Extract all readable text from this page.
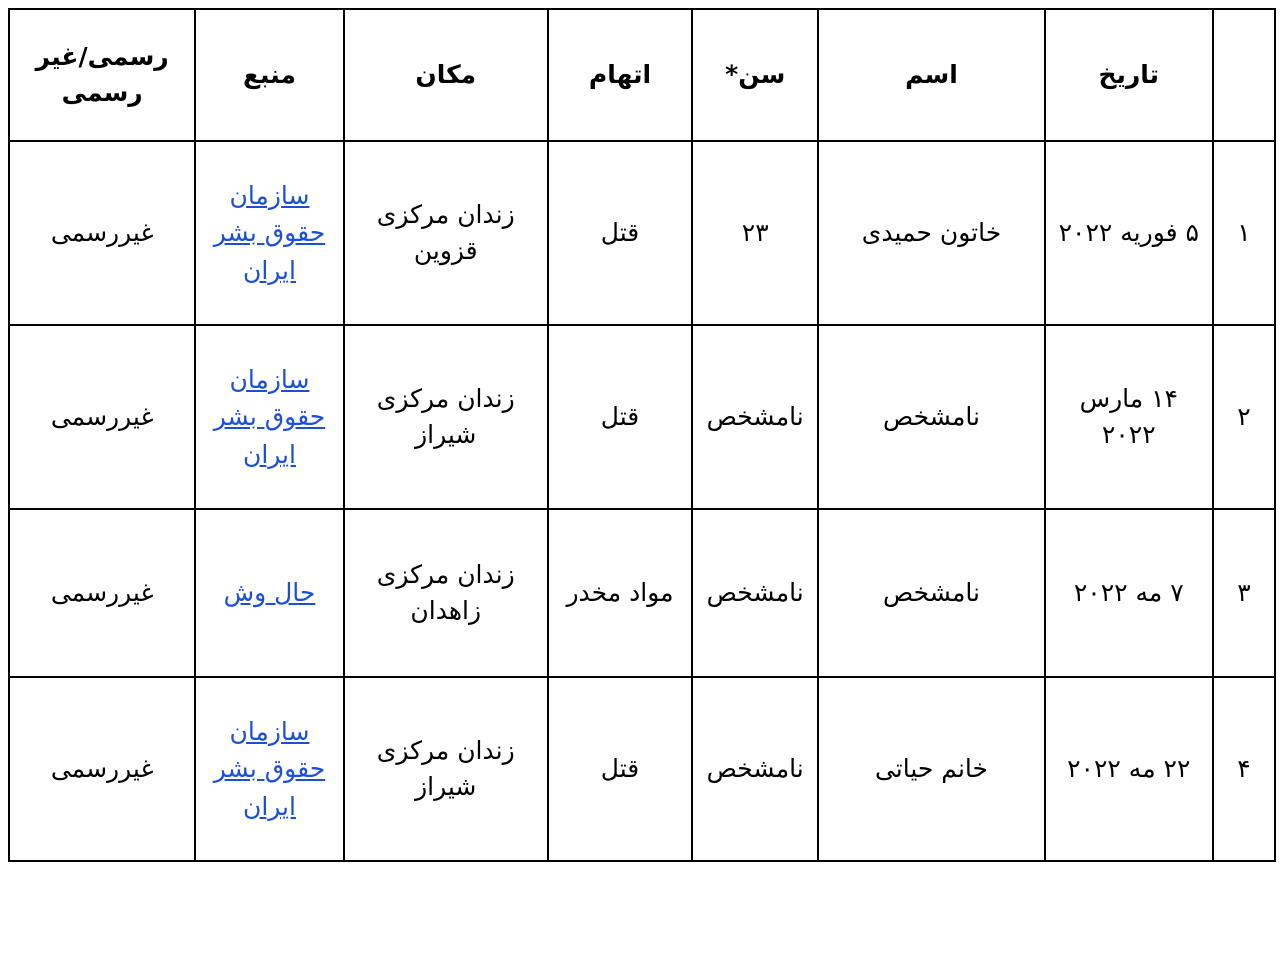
	تاریخ	اسم	سن*	اتهام	مکان	منبع	رسمی/غیر رسمی
۱	۵ فوریه ۲۰۲۲	خاتون حمیدی	۲۳	قتل	زندان مرکزی قزوین	سازمان حقوق بشر ایران	غیررسمی
۲	۱۴ مارس ۲۰۲۲	نامشخص	نامشخص	قتل	زندان مرکزی شیراز	سازمان حقوق بشر ایران	غیررسمی
۳	۷ مه ۲۰۲۲	نامشخص	نامشخص	مواد مخدر	زندان مرکزی زاهدان	حال وش	غیررسمی
۴	۲۲ مه ۲۰۲۲	خانم حیاتی	نامشخص	قتل	زندان مرکزی شیراز	سازمان حقوق بشر ایران	غیررسمی
